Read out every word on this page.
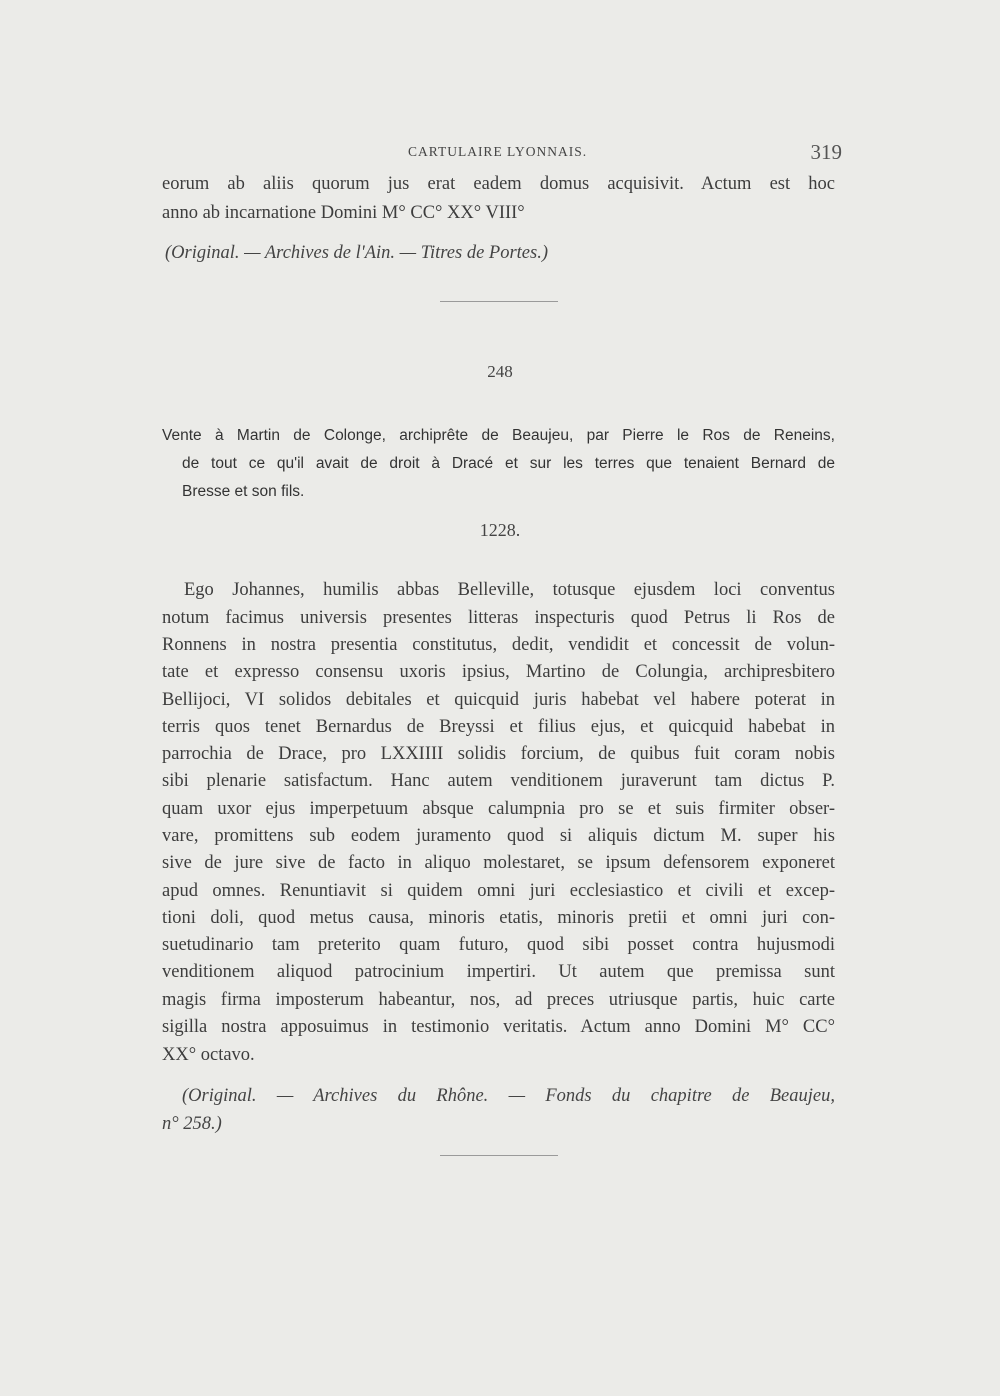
CARTULAIRE LYONNAIS.	319
eorum ab aliis quorum jus erat eadem domus acquisivit. Actum est hoc
anno ab incarnatione Domini M° CC° XX° VIII°
(Original. — Archives de l'Ain. — Titres de Portes.)
248
Vente à Martin de Colonge, archiprête de Beaujeu, par Pierre le Ros de Reneins,
de tout ce qu'il avait de droit à Dracé et sur les terres que tenaient Bernard de
Bresse et son fils.
1228.
Ego Johannes, humilis abbas Belleville, totusque ejusdem loci conventus
notum facimus universis presentes litteras inspecturis quod Petrus li Ros de
Ronnens in nostra presentia constitutus, dedit, vendidit et concessit de volun-
tate et expresso consensu uxoris ipsius, Martino de Colungia, archipresbitero
Bellijoci, VI solidos debitales et quicquid juris habebat vel habere poterat in
terris quos tenet Bernardus de Breyssi et filius ejus, et quicquid habebat in
parrochia de Drace, pro LXXIIII solidis forcium, de quibus fuit coram nobis
sibi plenarie satisfactum. Hanc autem venditionem juraverunt tam dictus P.
quam uxor ejus imperpetuum absque calumpnia pro se et suis firmiter obser-
vare, promittens sub eodem juramento quod si aliquis dictum M. super his
sive de jure sive de facto in aliquo molestaret, se ipsum defensorem exponeret
apud omnes. Renuntiavit si quidem omni juri ecclesiastico et civili et excep-
tioni doli, quod metus causa, minoris etatis, minoris pretii et omni juri con-
suetudinario tam preterito quam futuro, quod sibi posset contra hujusmodi
venditionem aliquod patrocinium impertiri. Ut autem que premissa sunt
magis firma imposterum habeantur, nos, ad preces utriusque partis, huic carte
sigilla nostra apposuimus in testimonio veritatis. Actum anno Domini M° CC°
XX° octavo.
(Original. — Archives du Rhône. — Fonds du chapitre de Beaujeu,
n° 258.)
